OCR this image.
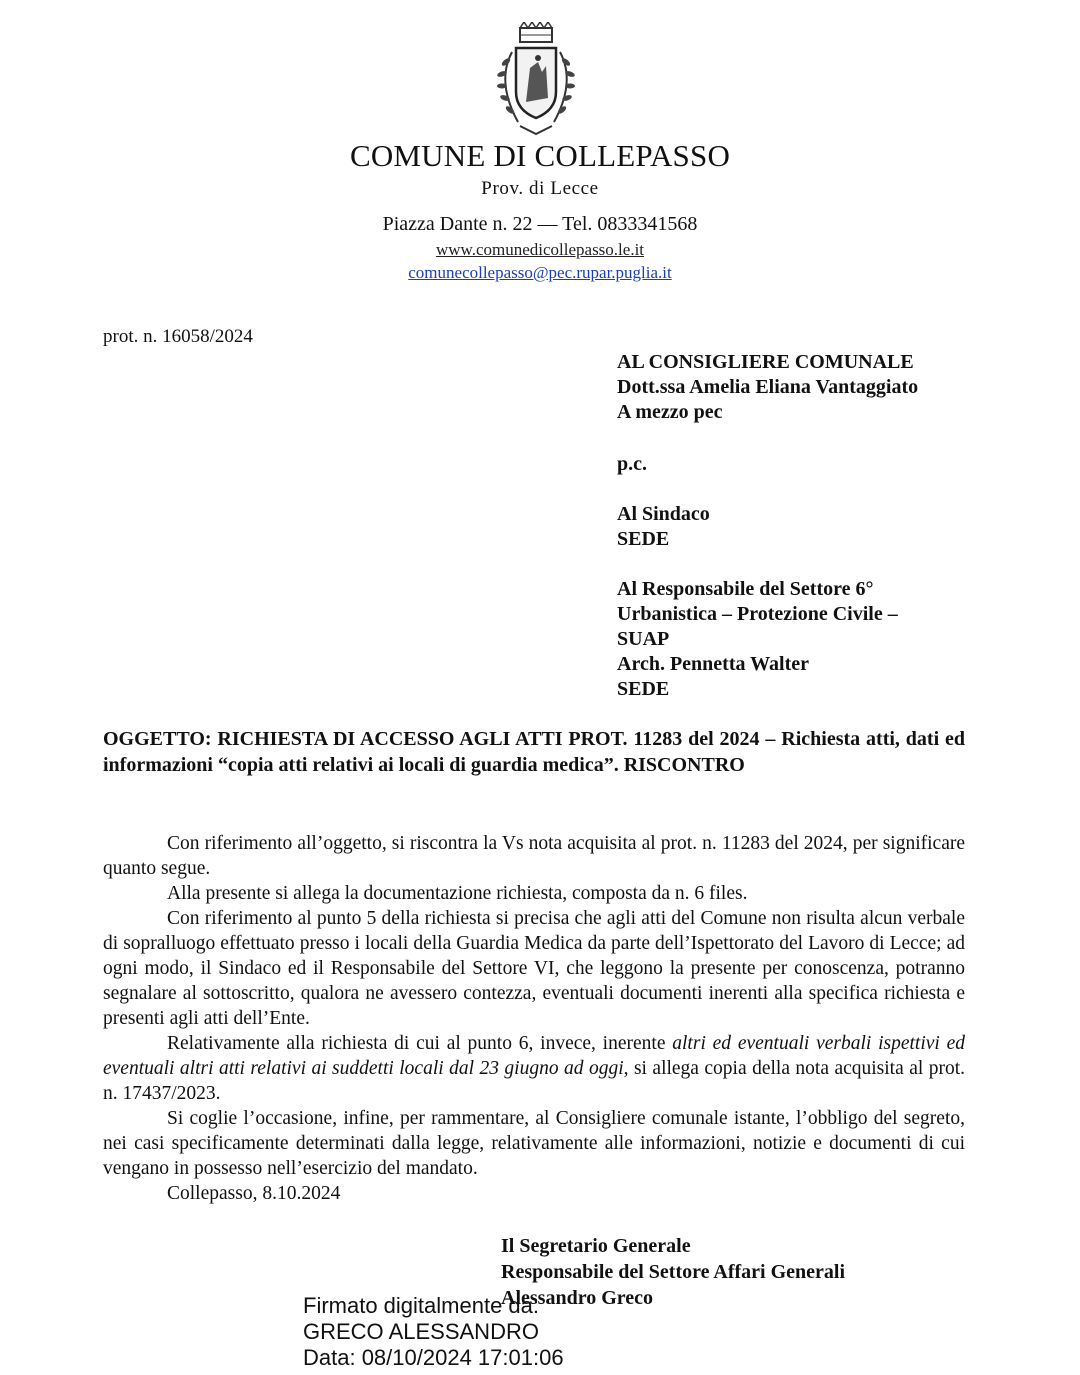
COMUNE DI COLLEPASSO
Prov. di Lecce
Piazza Dante n. 22 — Tel. 0833341568
www.comunedicollepasso.le.it
comunecollepasso@pec.rupar.puglia.it
prot. n. 16058/2024
AL CONSIGLIERE COMUNALE
Dott.ssa Amelia Eliana Vantaggiato
A mezzo pec
p.c.
Al Sindaco
SEDE
Al Responsabile del Settore 6°
Urbanistica – Protezione Civile –
SUAP
Arch. Pennetta Walter
SEDE
OGGETTO: RICHIESTA DI ACCESSO AGLI ATTI PROT. 11283 del 2024 – Richiesta atti, dati ed informazioni “copia atti relativi ai locali di guardia medica”. RISCONTRO

Con riferimento all’oggetto, si riscontra la Vs nota acquisita al prot. n. 11283 del 2024, per significare quanto segue.

Alla presente si allega la documentazione richiesta, composta da n. 6 files.

Con riferimento al punto 5 della richiesta si precisa che agli atti del Comune non risulta alcun verbale di sopralluogo effettuato presso i locali della Guardia Medica da parte dell’Ispettorato del Lavoro di Lecce; ad ogni modo, il Sindaco ed il Responsabile del Settore VI, che leggono la presente per conoscenza, potranno segnalare al sottoscritto, qualora ne avessero contezza, eventuali documenti inerenti alla specifica richiesta e presenti agli atti dell’Ente.

Relativamente alla richiesta di cui al punto 6, invece, inerente altri ed eventuali verbali ispettivi ed eventuali altri atti relativi ai suddetti locali dal 23 giugno ad oggi, si allega copia della nota acquisita al prot. n. 17437/2023.

Si coglie l’occasione, infine, per rammentare, al Consigliere comunale istante, l’obbligo del segreto, nei casi specificamente determinati dalla legge, relativamente alle informazioni, notizie e documenti di cui vengano in possesso nell’esercizio del mandato.

Collepasso, 8.10.2024

Il Segretario Generale
Responsabile del Settore Affari Generali
Alessandro Greco
Firmato digitalmente da:
GRECO ALESSANDRO
Data: 08/10/2024 17:01:06
